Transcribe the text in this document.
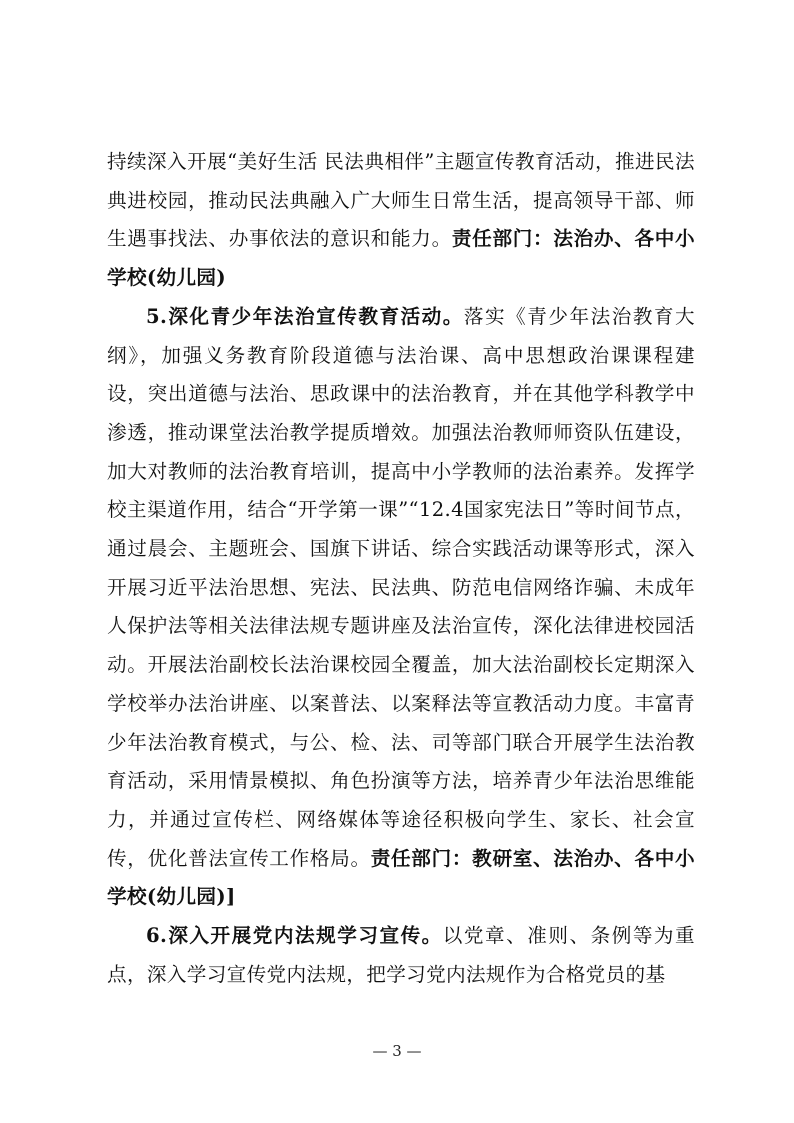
持续深入开展“美好生活 民法典相伴”主题宣传教育活动，推进民法典进校园，推动民法典融入广大师生日常生活，提高领导干部、师生遇事找法、办事依法的意识和能力。责任部门：法治办、各中小学校(幼儿园)

5.深化青少年法治宣传教育活动。落实《青少年法治教育大纲》，加强义务教育阶段道德与法治课、高中思想政治课课程建设，突出道德与法治、思政课中的法治教育，并在其他学科教学中渗透，推动课堂法治教学提质增效。加强法治教师师资队伍建设，加大对教师的法治教育培训，提高中小学教师的法治素养。发挥学校主渠道作用，结合“开学第一课”“12.4国家宪法日”等时间节点，通过晨会、主题班会、国旗下讲话、综合实践活动课等形式，深入开展习近平法治思想、宪法、民法典、防范电信网络诈骗、未成年人保护法等相关法律法规专题讲座及法治宣传，深化法律进校园活动。开展法治副校长法治课校园全覆盖，加大法治副校长定期深入学校举办法治讲座、以案普法、以案释法等宣教活动力度。丰富青少年法治教育模式，与公、检、法、司等部门联合开展学生法治教育活动，采用情景模拟、角色扮演等方法，培养青少年法治思维能力，并通过宣传栏、网络媒体等途径积极向学生、家长、社会宣传，优化普法宣传工作格局。责任部门：教研室、法治办、各中小学校(幼儿园)]

6.深入开展党内法规学习宣传。以党章、准则、条例等为重点，深入学习宣传党内法规，把学习党内法规作为合格党员的基

— 3 —
